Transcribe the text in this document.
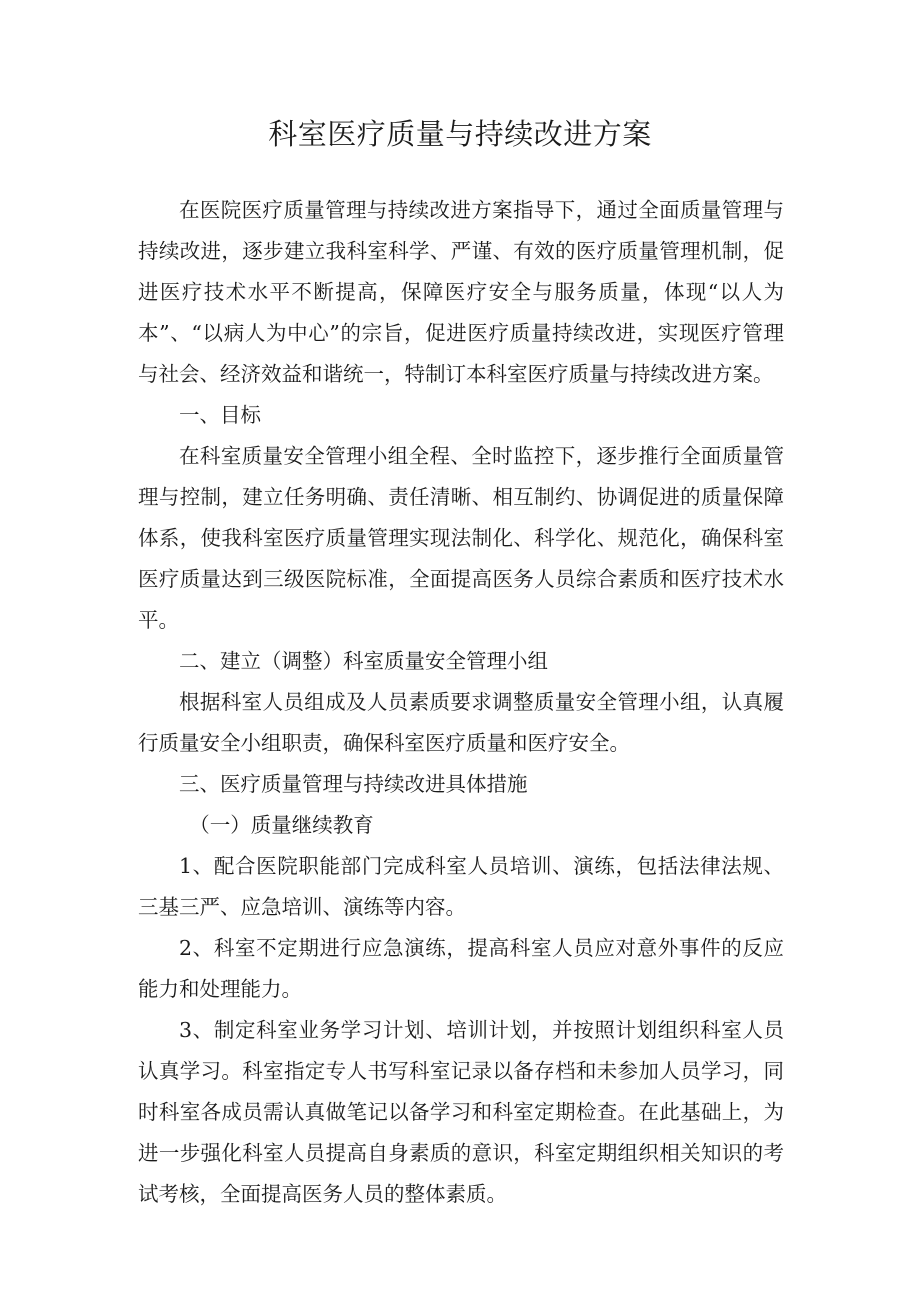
科室医疗质量与持续改进方案

在医院医疗质量管理与持续改进方案指导下，通过全面质量管理与持续改进，逐步建立我科室科学、严谨、有效的医疗质量管理机制，促进医疗技术水平不断提高，保障医疗安全与服务质量，体现“以人为本”、“以病人为中心”的宗旨，促进医疗质量持续改进，实现医疗管理与社会、经济效益和谐统一，特制订本科室医疗质量与持续改进方案。

一、目标

在科室质量安全管理小组全程、全时监控下，逐步推行全面质量管理与控制，建立任务明确、责任清晰、相互制约、协调促进的质量保障体系，使我科室医疗质量管理实现法制化、科学化、规范化，确保科室医疗质量达到三级医院标准，全面提高医务人员综合素质和医疗技术水平。

二、建立（调整）科室质量安全管理小组

根据科室人员组成及人员素质要求调整质量安全管理小组，认真履行质量安全小组职责，确保科室医疗质量和医疗安全。

三、医疗质量管理与持续改进具体措施

（一）质量继续教育

1、配合医院职能部门完成科室人员培训、演练，包括法律法规、三基三严、应急培训、演练等内容。

2、科室不定期进行应急演练，提高科室人员应对意外事件的反应能力和处理能力。

3、制定科室业务学习计划、培训计划，并按照计划组织科室人员认真学习。科室指定专人书写科室记录以备存档和未参加人员学习，同时科室各成员需认真做笔记以备学习和科室定期检查。在此基础上，为进一步强化科室人员提高自身素质的意识，科室定期组织相关知识的考试考核，全面提高医务人员的整体素质。
